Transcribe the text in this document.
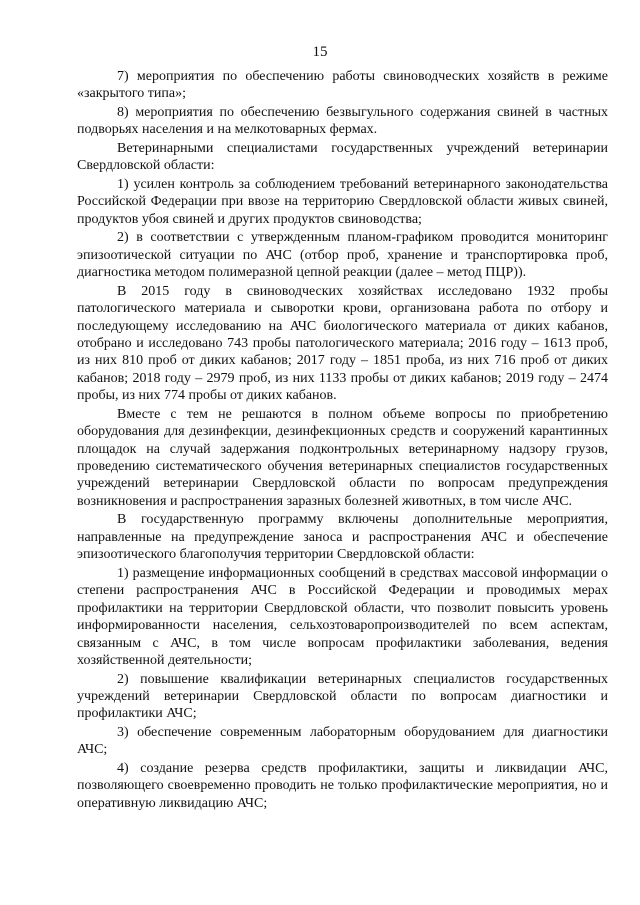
15

7) мероприятия по обеспечению работы свиноводческих хозяйств в режиме «закрытого типа»;

8) мероприятия по обеспечению безвыгульного содержания свиней в частных подворьях населения и на мелкотоварных фермах.

Ветеринарными специалистами государственных учреждений ветеринарии Свердловской области:

1) усилен контроль за соблюдением требований ветеринарного законодательства Российской Федерации при ввозе на территорию Свердловской области живых свиней, продуктов убоя свиней и других продуктов свиноводства;

2) в соответствии с утвержденным планом-графиком проводится мониторинг эпизоотической ситуации по АЧС (отбор проб, хранение и транспортировка проб, диагностика методом полимеразной цепной реакции (далее – метод ПЦР)).

В 2015 году в свиноводческих хозяйствах исследовано 1932 пробы патологического материала и сыворотки крови, организована работа по отбору и последующему исследованию на АЧС биологического материала от диких кабанов, отобрано и исследовано 743 пробы патологического материала; 2016 году – 1613 проб, из них 810 проб от диких кабанов; 2017 году – 1851 проба, из них 716 проб от диких кабанов; 2018 году – 2979 проб, из них 1133 пробы от диких кабанов; 2019 году – 2474 пробы, из них 774 пробы от диких кабанов.

Вместе с тем не решаются в полном объеме вопросы по приобретению оборудования для дезинфекции, дезинфекционных средств и сооружений карантинных площадок на случай задержания подконтрольных ветеринарному надзору грузов, проведению систематического обучения ветеринарных специалистов государственных учреждений ветеринарии Свердловской области по вопросам предупреждения возникновения и распространения заразных болезней животных, в том числе АЧС.

В государственную программу включены дополнительные мероприятия, направленные на предупреждение заноса и распространения АЧС и обеспечение эпизоотического благополучия территории Свердловской области:

1) размещение информационных сообщений в средствах массовой информации о степени распространения АЧС в Российской Федерации и проводимых мерах профилактики на территории Свердловской области, что позволит повысить уровень информированности населения, сельхозтоваропроизводителей по всем аспектам, связанным с АЧС, в том числе вопросам профилактики заболевания, ведения хозяйственной деятельности;

2) повышение квалификации ветеринарных специалистов государственных учреждений ветеринарии Свердловской области по вопросам диагностики и профилактики АЧС;

3) обеспечение современным лабораторным оборудованием для диагностики АЧС;

4) создание резерва средств профилактики, защиты и ликвидации АЧС, позволяющего своевременно проводить не только профилактические мероприятия, но и оперативную ликвидацию АЧС;
